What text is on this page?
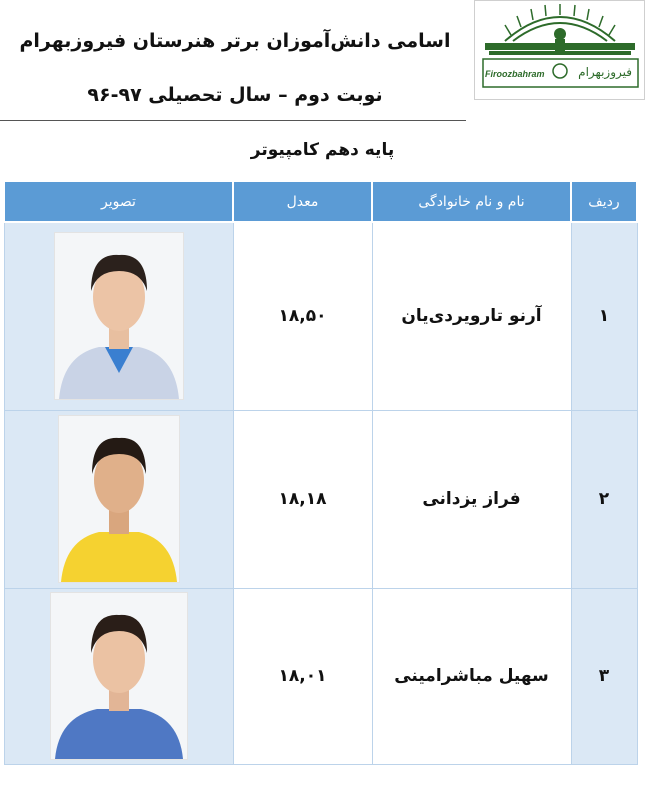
اسامی دانش‌آموزان برتر هنرستان فیروزبهرام
نوبت دوم – سال تحصیلی ۹۷-۹۶
Firoozbahram	فیروزبهرام
پایه دهم کامپیوتر
ردیف	نام و نام خانوادگی	معدل	تصویر
۱	آرنو تارویردی‌یان	۱۸,۵۰	

۲	فراز یزدانی	۱۸,۱۸	

۳	سهیل مباشرامینی	۱۸,۰۱	
